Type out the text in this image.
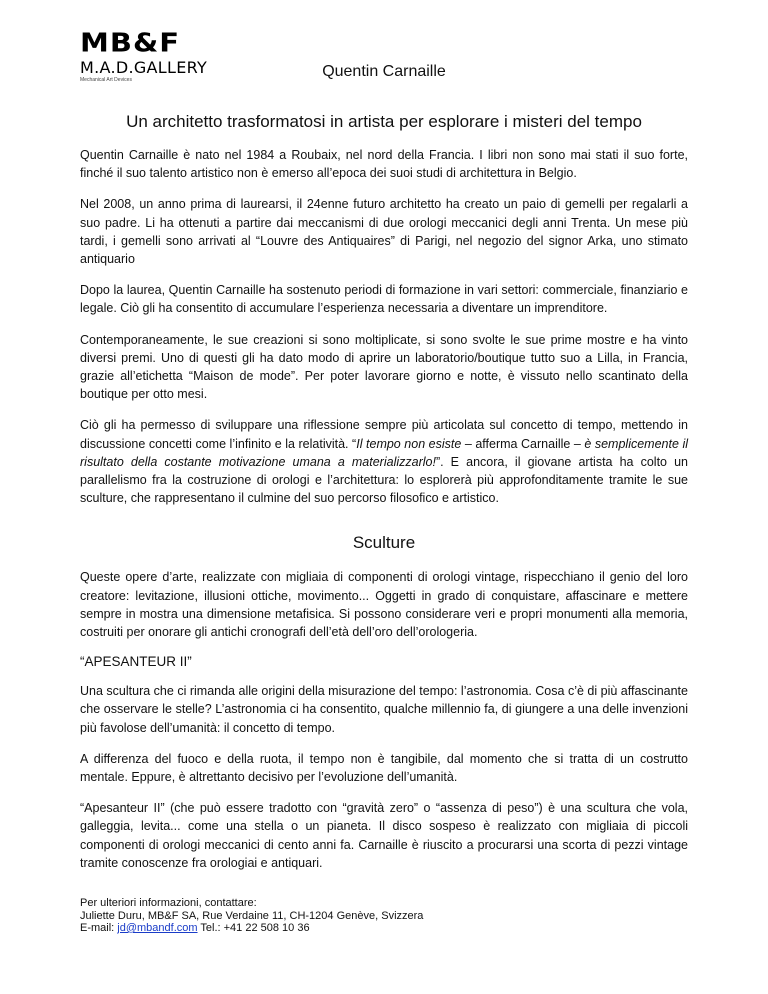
MB&F
M.A.D.GALLERY
Mechanical Art Devices	Quentin Carnaille
Un architetto trasformatosi in artista per esplorare i misteri del tempo

Quentin Carnaille è nato nel 1984 a Roubaix, nel nord della Francia. I libri non sono mai stati il suo forte, finché il suo talento artistico non è emerso all’epoca dei suoi studi di architettura in Belgio.

Nel 2008, un anno prima di laurearsi, il 24enne futuro architetto ha creato un paio di gemelli per regalarli a suo padre. Li ha ottenuti a partire dai meccanismi di due orologi meccanici degli anni Trenta. Un mese più tardi, i gemelli sono arrivati al “Louvre des Antiquaires” di Parigi, nel negozio del signor Arka, uno stimato antiquario

Dopo la laurea, Quentin Carnaille ha sostenuto periodi di formazione in vari settori: commerciale, finanziario e legale. Ciò gli ha consentito di accumulare l’esperienza necessaria a diventare un imprenditore.

Contemporaneamente, le sue creazioni si sono moltiplicate, si sono svolte le sue prime mostre e ha vinto diversi premi. Uno di questi gli ha dato modo di aprire un laboratorio/boutique tutto suo a Lilla, in Francia, grazie all’etichetta “Maison de mode”. Per poter lavorare giorno e notte, è vissuto nello scantinato della boutique per otto mesi.

Ciò gli ha permesso di sviluppare una riflessione sempre più articolata sul concetto di tempo, mettendo in discussione concetti come l’infinito e la relatività. “Il tempo non esiste – afferma Carnaille – è semplicemente il risultato della costante motivazione umana a materializzarlo!”. E ancora, il giovane artista ha colto un parallelismo fra la costruzione di orologi e l’architettura: lo esplorerà più approfonditamente tramite le sue sculture, che rappresentano il culmine del suo percorso filosofico e artistico.

Sculture

Queste opere d’arte, realizzate con migliaia di componenti di orologi vintage, rispecchiano il genio del loro creatore: levitazione, illusioni ottiche, movimento... Oggetti in grado di conquistare, affascinare e mettere sempre in mostra una dimensione metafisica. Si possono considerare veri e propri monumenti alla memoria, costruiti per onorare gli antichi cronografi dell’età dell’oro dell’orologeria.

“APESANTEUR II”

Una scultura che ci rimanda alle origini della misurazione del tempo: l’astronomia. Cosa c’è di più affascinante che osservare le stelle? L’astronomia ci ha consentito, qualche millennio fa, di giungere a una delle invenzioni più favolose dell’umanità: il concetto di tempo.

A differenza del fuoco e della ruota, il tempo non è tangibile, dal momento che si tratta di un costrutto mentale. Eppure, è altrettanto decisivo per l’evoluzione dell’umanità.

“Apesanteur II” (che può essere tradotto con “gravità zero” o “assenza di peso”) è una scultura che vola, galleggia, levita... come una stella o un pianeta. Il disco sospeso è realizzato con migliaia di piccoli componenti di orologi meccanici di cento anni fa. Carnaille è riuscito a procurarsi una scorta di pezzi vintage tramite conoscenze fra orologiai e antiquari.

Per ulteriori informazioni, contattare:
Juliette Duru, MB&F SA, Rue Verdaine 11, CH-1204 Genève, Svizzera
E-mail: jd@mbandf.com Tel.: +41 22 508 10 36
